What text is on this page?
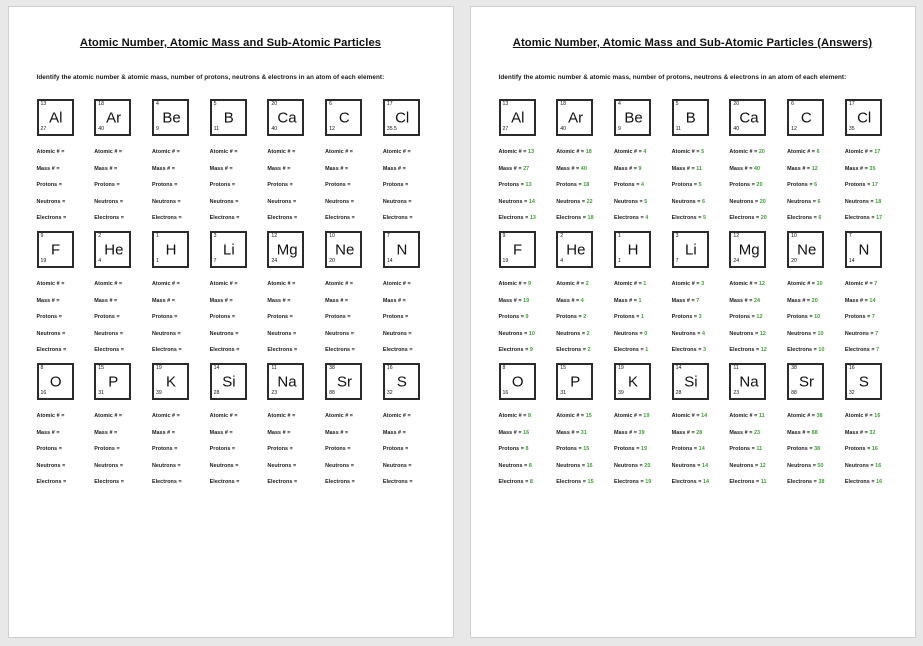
Atomic Number, Atomic Mass and Sub-Atomic Particles
Identify the atomic number & atomic mass, number of protons, neutrons & electrons in an atom of each element:
13
Al
27
Atomic # =
Mass # =
Protons =
Neutrons =
Electrons =
18
Ar
40
Atomic # =
Mass # =
Protons =
Neutrons =
Electrons =
4
Be
9
Atomic # =
Mass # =
Protons =
Neutrons =
Electrons =
5
B
11
Atomic # =
Mass # =
Protons =
Neutrons =
Electrons =
20
Ca
40
Atomic # =
Mass # =
Protons =
Neutrons =
Electrons =
6
C
12
Atomic # =
Mass # =
Protons =
Neutrons =
Electrons =
17
Cl
35.5
Atomic # =
Mass # =
Protons =
Neutrons =
Electrons =
9
F
19
Atomic # =
Mass # =
Protons =
Neutrons =
Electrons =
2
He
4
Atomic # =
Mass # =
Protons =
Neutrons =
Electrons =
1
H
1
Atomic # =
Mass # =
Protons =
Neutrons =
Electrons =
3
Li
7
Atomic # =
Mass # =
Protons =
Neutrons =
Electrons =
12
Mg
24
Atomic # =
Mass # =
Protons =
Neutrons =
Electrons =
10
Ne
20
Atomic # =
Mass # =
Protons =
Neutrons =
Electrons =
7
N
14
Atomic # =
Mass # =
Protons =
Neutrons =
Electrons =
8
O
16
Atomic # =
Mass # =
Protons =
Neutrons =
Electrons =
15
P
31
Atomic # =
Mass # =
Protons =
Neutrons =
Electrons =
19
K
39
Atomic # =
Mass # =
Protons =
Neutrons =
Electrons =
14
Si
28
Atomic # =
Mass # =
Protons =
Neutrons =
Electrons =
11
Na
23
Atomic # =
Mass # =
Protons =
Neutrons =
Electrons =
38
Sr
88
Atomic # =
Mass # =
Protons =
Neutrons =
Electrons =
16
S
32
Atomic # =
Mass # =
Protons =
Neutrons =
Electrons =
Atomic Number, Atomic Mass and Sub-Atomic Particles (Answers)
Identify the atomic number & atomic mass, number of protons, neutrons & electrons in an atom of each element:
13
Al
27
Atomic # = 13
Mass # = 27
Protons = 13
Neutrons = 14
Electrons = 13
18
Ar
40
Atomic # = 18
Mass # = 40
Protons = 18
Neutrons = 22
Electrons = 18
4
Be
9
Atomic # = 4
Mass # = 9
Protons = 4
Neutrons = 5
Electrons = 4
5
B
11
Atomic # = 5
Mass # = 11
Protons = 5
Neutrons = 6
Electrons = 5
20
Ca
40
Atomic # = 20
Mass # = 40
Protons = 20
Neutrons = 20
Electrons = 20
6
C
12
Atomic # = 6
Mass # = 12
Protons = 6
Neutrons = 6
Electrons = 6
17
Cl
35
Atomic # = 17
Mass # = 35
Protons = 17
Neutrons = 18
Electrons = 17
9
F
19
Atomic # = 9
Mass # = 19
Protons = 9
Neutrons = 10
Electrons = 9
2
He
4
Atomic # = 2
Mass # = 4
Protons = 2
Neutrons = 2
Electrons = 2
1
H
1
Atomic # = 1
Mass # = 1
Protons = 1
Neutrons = 0
Electrons = 1
3
Li
7
Atomic # = 3
Mass # = 7
Protons = 3
Neutrons = 4
Electrons = 3
12
Mg
24
Atomic # = 12
Mass # = 24
Protons = 12
Neutrons = 12
Electrons = 12
10
Ne
20
Atomic # = 10
Mass # = 20
Protons = 10
Neutrons = 10
Electrons = 10
7
N
14
Atomic # = 7
Mass # = 14
Protons = 7
Neutrons = 7
Electrons = 7
8
O
16
Atomic # = 8
Mass # = 16
Protons = 8
Neutrons = 8
Electrons = 8
15
P
31
Atomic # = 15
Mass # = 31
Protons = 15
Neutrons = 16
Electrons = 15
19
K
39
Atomic # = 19
Mass # = 39
Protons = 19
Neutrons = 20
Electrons = 19
14
Si
28
Atomic # = 14
Mass # = 28
Protons = 14
Neutrons = 14
Electrons = 14
11
Na
23
Atomic # = 11
Mass # = 23
Protons = 11
Neutrons = 12
Electrons = 11
38
Sr
88
Atomic # = 38
Mass # = 88
Protons = 38
Neutrons = 50
Electrons = 38
16
S
32
Atomic # = 16
Mass # = 32
Protons = 16
Neutrons = 16
Electrons = 16
